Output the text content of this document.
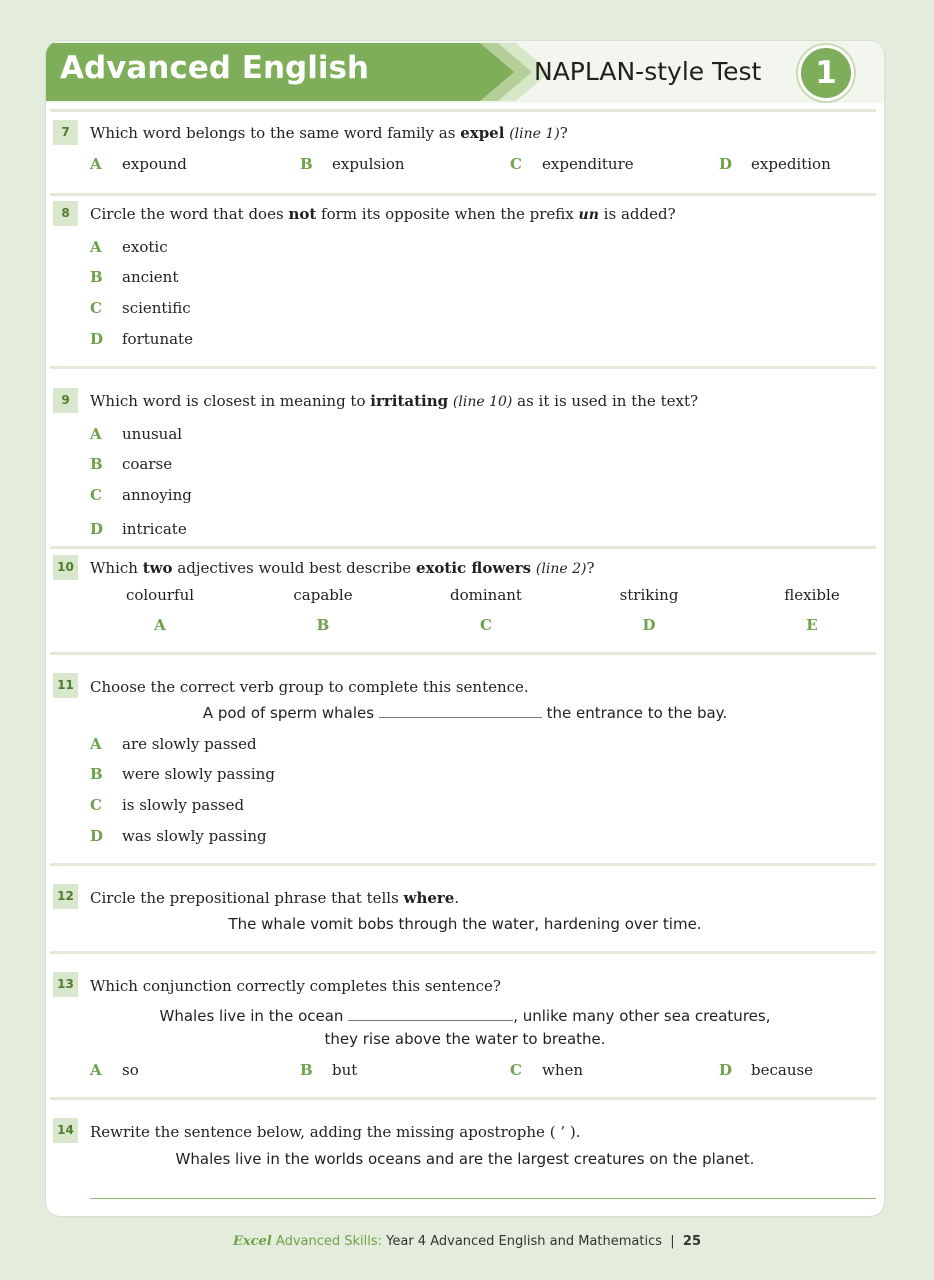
Advanced English	NAPLAN-style Test	1
7	Which word belongs to the same word family as expel (line 1)?
A expound	B expulsion	C expenditure	D expedition
8	Circle the word that does not form its opposite when the prefix un is added?
A exotic
B ancient
C scientific
D fortunate
9	Which word is closest in meaning to irritating (line 10) as it is used in the text?
A unusual
B coarse
C annoying
D intricate
10 Which two adjectives would best describe exotic flowers (line 2)?
colourful
A
capable
B
dominant
C
striking
D
flexible
E
11 Choose the correct verb group to complete this sentence.
A pod of sperm whales	the entrance to the bay.
A are slowly passed
B were slowly passing
C is slowly passed
D was slowly passing
12 Circle the prepositional phrase that tells where.
The whale vomit bobs through the water, hardening over time.
13 Which conjunction correctly completes this sentence?
Whales live in the ocean	, unlike many other sea creatures,
they rise above the water to breathe.
A so	B but	C when	D because
14 Rewrite the sentence below, adding the missing apostrophe ( ’ ).
Whales live in the worlds oceans and are the largest creatures on the planet.
Excel Advanced Skills: Year 4 Advanced English and Mathematics  |  25
